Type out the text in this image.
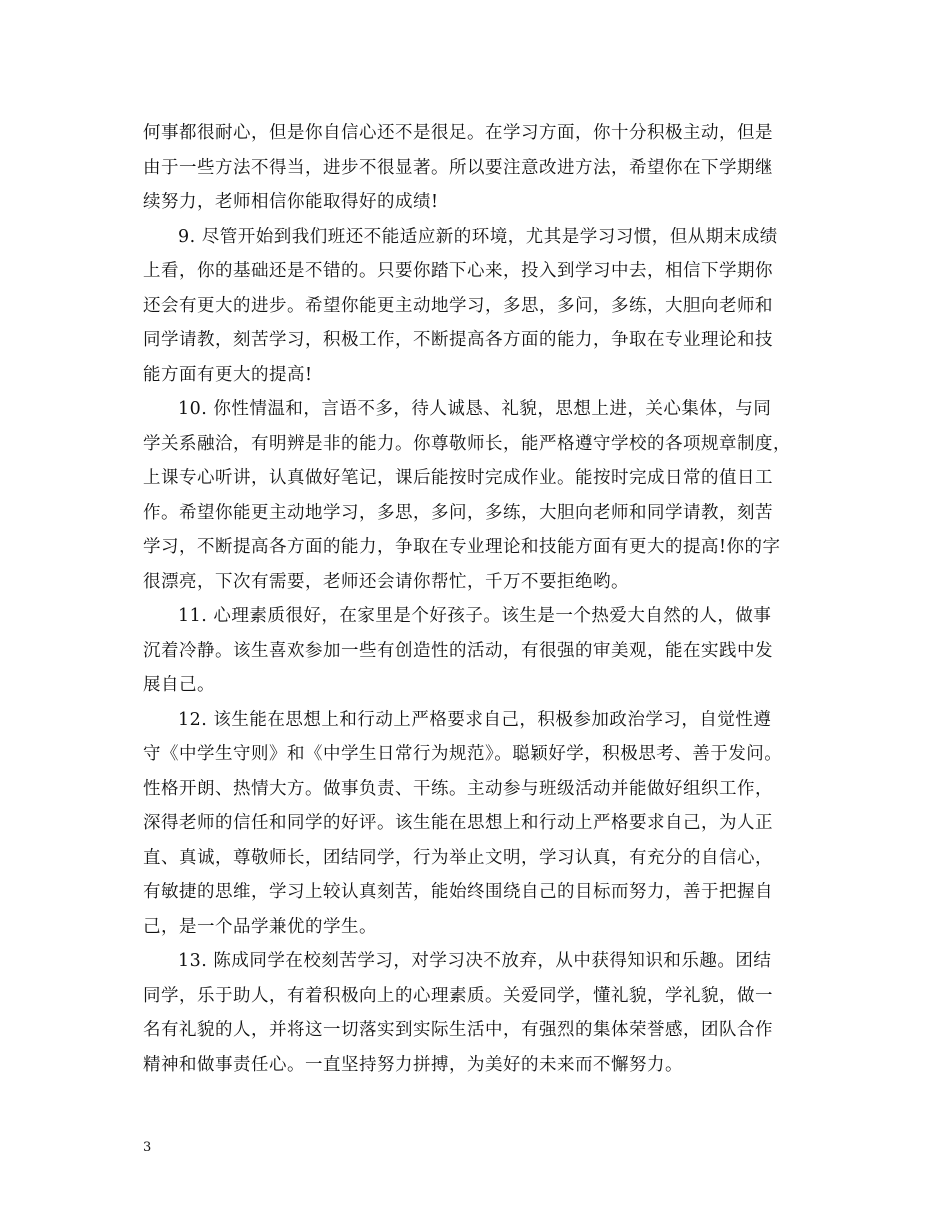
何事都很耐心，但是你自信心还不是很足。在学习方面，你十分积极主动，但是
由于一些方法不得当，进步不很显著。所以要注意改进方法，希望你在下学期继
续努力，老师相信你能取得好的成绩!

9. 尽管开始到我们班还不能适应新的环境，尤其是学习习惯，但从期末成绩
上看，你的基础还是不错的。只要你踏下心来，投入到学习中去，相信下学期你
还会有更大的进步。希望你能更主动地学习，多思，多问，多练，大胆向老师和
同学请教，刻苦学习，积极工作，不断提高各方面的能力，争取在专业理论和技
能方面有更大的提高!

10. 你性情温和，言语不多，待人诚恳、礼貌，思想上进，关心集体，与同
学关系融洽，有明辨是非的能力。你尊敬师长，能严格遵守学校的各项规章制度，
上课专心听讲，认真做好笔记，课后能按时完成作业。能按时完成日常的值日工
作。希望你能更主动地学习，多思，多问，多练，大胆向老师和同学请教，刻苦
学习，不断提高各方面的能力，争取在专业理论和技能方面有更大的提高!你的字
很漂亮，下次有需要，老师还会请你帮忙，千万不要拒绝哟。

11. 心理素质很好，在家里是个好孩子。该生是一个热爱大自然的人，做事
沉着冷静。该生喜欢参加一些有创造性的活动，有很强的审美观，能在实践中发
展自己。

12. 该生能在思想上和行动上严格要求自己，积极参加政治学习，自觉性遵
守《中学生守则》和《中学生日常行为规范》。聪颖好学，积极思考、善于发问。
性格开朗、热情大方。做事负责、干练。主动参与班级活动并能做好组织工作，
深得老师的信任和同学的好评。该生能在思想上和行动上严格要求自己，为人正
直、真诚，尊敬师长，团结同学，行为举止文明，学习认真，有充分的自信心，
有敏捷的思维，学习上较认真刻苦，能始终围绕自己的目标而努力，善于把握自
己，是一个品学兼优的学生。

13. 陈成同学在校刻苦学习，对学习决不放弃，从中获得知识和乐趣。团结
同学，乐于助人，有着积极向上的心理素质。关爱同学，懂礼貌，学礼貌，做一
名有礼貌的人，并将这一切落实到实际生活中，有强烈的集体荣誉感，团队合作
精神和做事责任心。一直坚持努力拼搏，为美好的未来而不懈努力。

3
